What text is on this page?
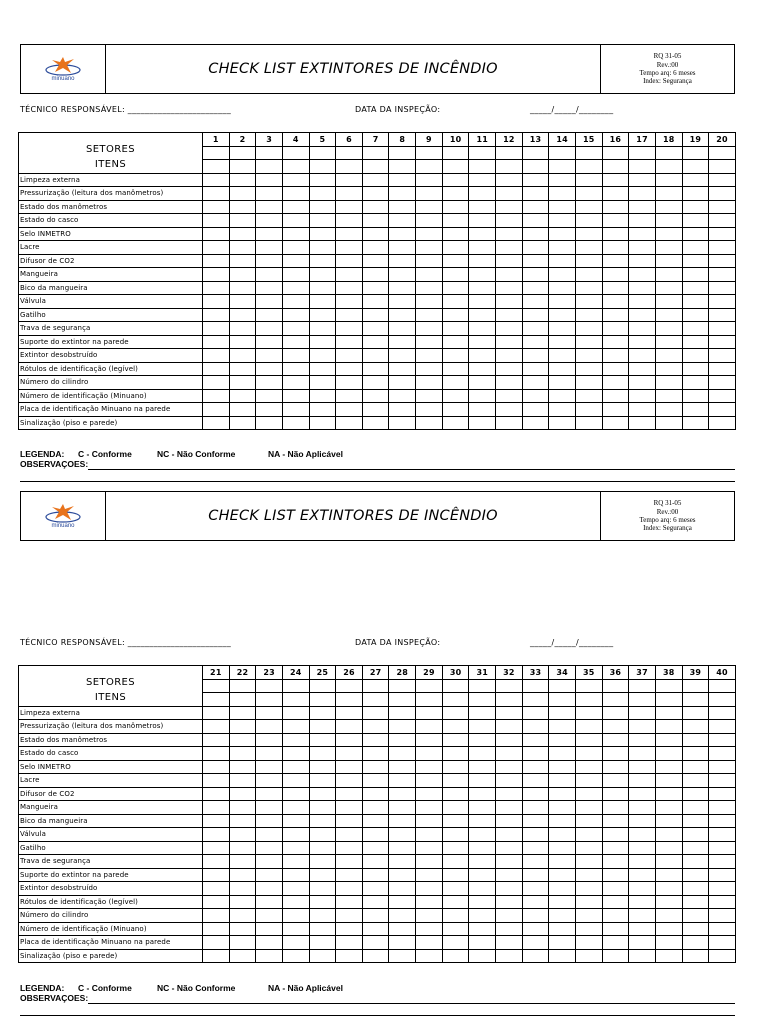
minuano
CHECK LIST EXTINTORES DE INCÊNDIO
RQ 31-05
Rev.:00
Tempo arq: 6 meses
Index: Segurança
TÉCNICO RESPONSÁVEL: ________________________	DATA DA INSPEÇÃO:	_____/_____/________
SETORES
ITENS	1	2	3	4	5	6	7	8	9	10	11	12	13	14	15	16	17	18	19	20

Limpeza externa																				
Pressurização (leitura dos manômetros)																				
Estado dos manômetros																				
Estado do casco																				
Selo INMETRO																				
Lacre																				
Difusor de CO2																				
Mangueira																				
Bico da mangueira																				
Válvula																				
Gatilho																				
Trava de segurança																				
Suporte do extintor na parede																				
Extintor desobstruído																				
Rótulos de identificação (legível)																				
Número do cilindro																				
Número de identificação (Minuano)																				
Placa de identificação Minuano na parede																				
Sinalização (piso e parede)																				
LEGENDA: C - Conforme	NC - Não Conforme	NA - Não Aplicável
OBSERVAÇOES:
minuano
CHECK LIST EXTINTORES DE INCÊNDIO
RQ 31-05
Rev.:00
Tempo arq: 6 meses
Index: Segurança
TÉCNICO RESPONSÁVEL: ________________________	DATA DA INSPEÇÃO:	_____/_____/________
SETORES
ITENS	21	22	23	24	25	26	27	28	29	30	31	32	33	34	35	36	37	38	39	40

Limpeza externa																				
Pressurização (leitura dos manômetros)																				
Estado dos manômetros																				
Estado do casco																				
Selo INMETRO																				
Lacre																				
Difusor de CO2																				
Mangueira																				
Bico da mangueira																				
Válvula																				
Gatilho																				
Trava de segurança																				
Suporte do extintor na parede																				
Extintor desobstruído																				
Rótulos de identificação (legível)																				
Número do cilindro																				
Número de identificação (Minuano)																				
Placa de identificação Minuano na parede																				
Sinalização (piso e parede)																				
LEGENDA: C - Conforme	NC - Não Conforme	NA - Não Aplicável
OBSERVAÇOES:
